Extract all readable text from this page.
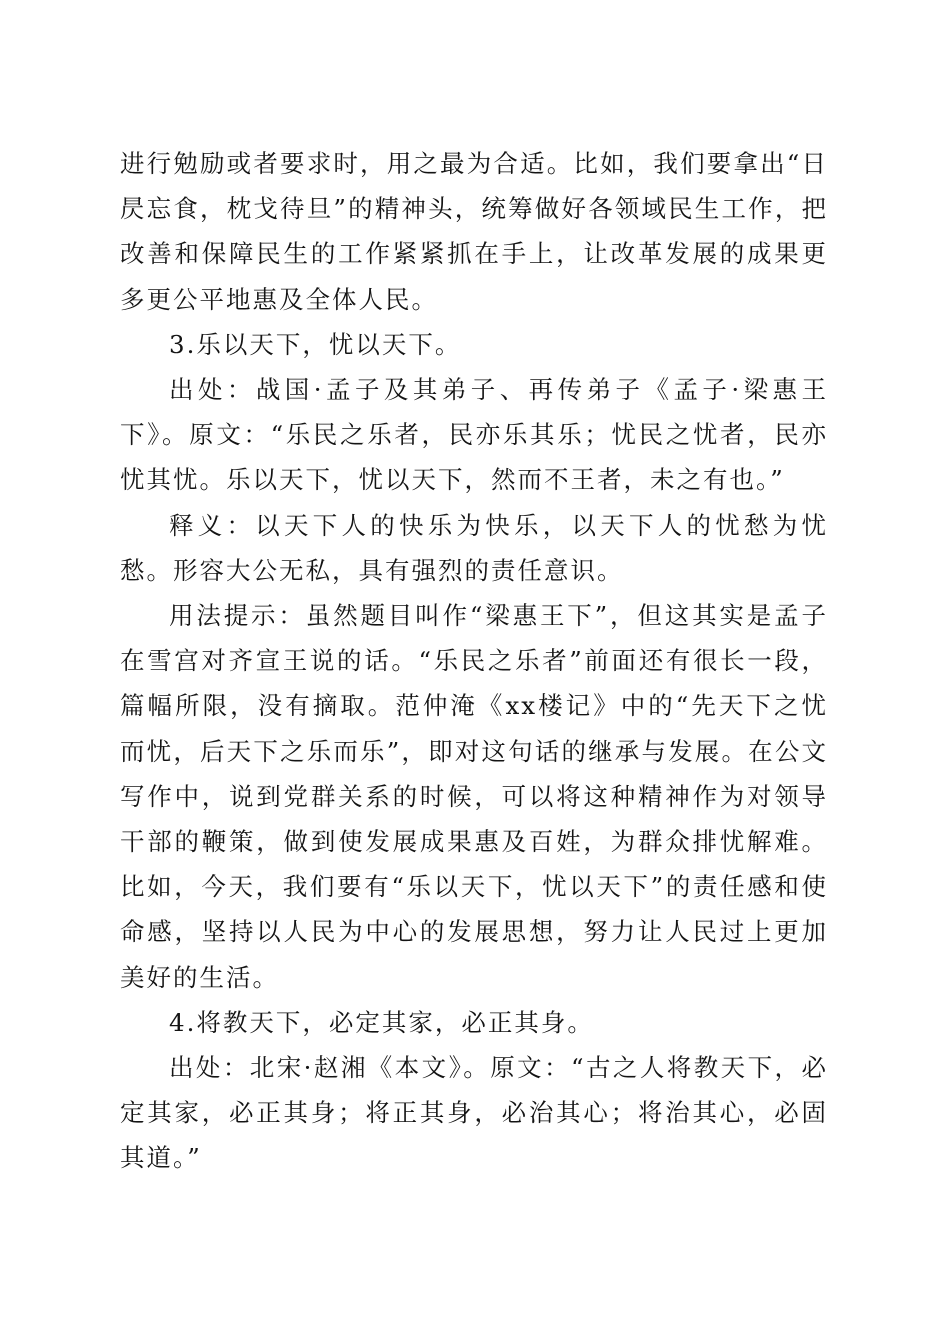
进行勉励或者要求时，用之最为合适。比如，我们要拿出“日昃忘食，枕戈待旦”的精神头，统筹做好各领域民生工作，把改善和保障民生的工作紧紧抓在手上，让改革发展的成果更多更公平地惠及全体人民。

3.乐以天下，忧以天下。

出处：战国·孟子及其弟子、再传弟子《孟子·梁惠王下》。原文：“乐民之乐者，民亦乐其乐；忧民之忧者，民亦忧其忧。乐以天下，忧以天下，然而不王者，未之有也。”

释义：以天下人的快乐为快乐，以天下人的忧愁为忧愁。形容大公无私，具有强烈的责任意识。

用法提示：虽然题目叫作“梁惠王下”，但这其实是孟子在雪宫对齐宣王说的话。“乐民之乐者”前面还有很长一段，篇幅所限，没有摘取。范仲淹《xx楼记》中的“先天下之忧而忧，后天下之乐而乐”，即对这句话的继承与发展。在公文写作中，说到党群关系的时候，可以将这种精神作为对领导干部的鞭策，做到使发展成果惠及百姓，为群众排忧解难。比如，今天，我们要有“乐以天下，忧以天下”的责任感和使命感，坚持以人民为中心的发展思想，努力让人民过上更加美好的生活。

4.将教天下，必定其家，必正其身。

出处：北宋·赵湘《本文》。原文：“古之人将教天下，必定其家，必正其身；将正其身，必治其心；将治其心，必固其道。”
